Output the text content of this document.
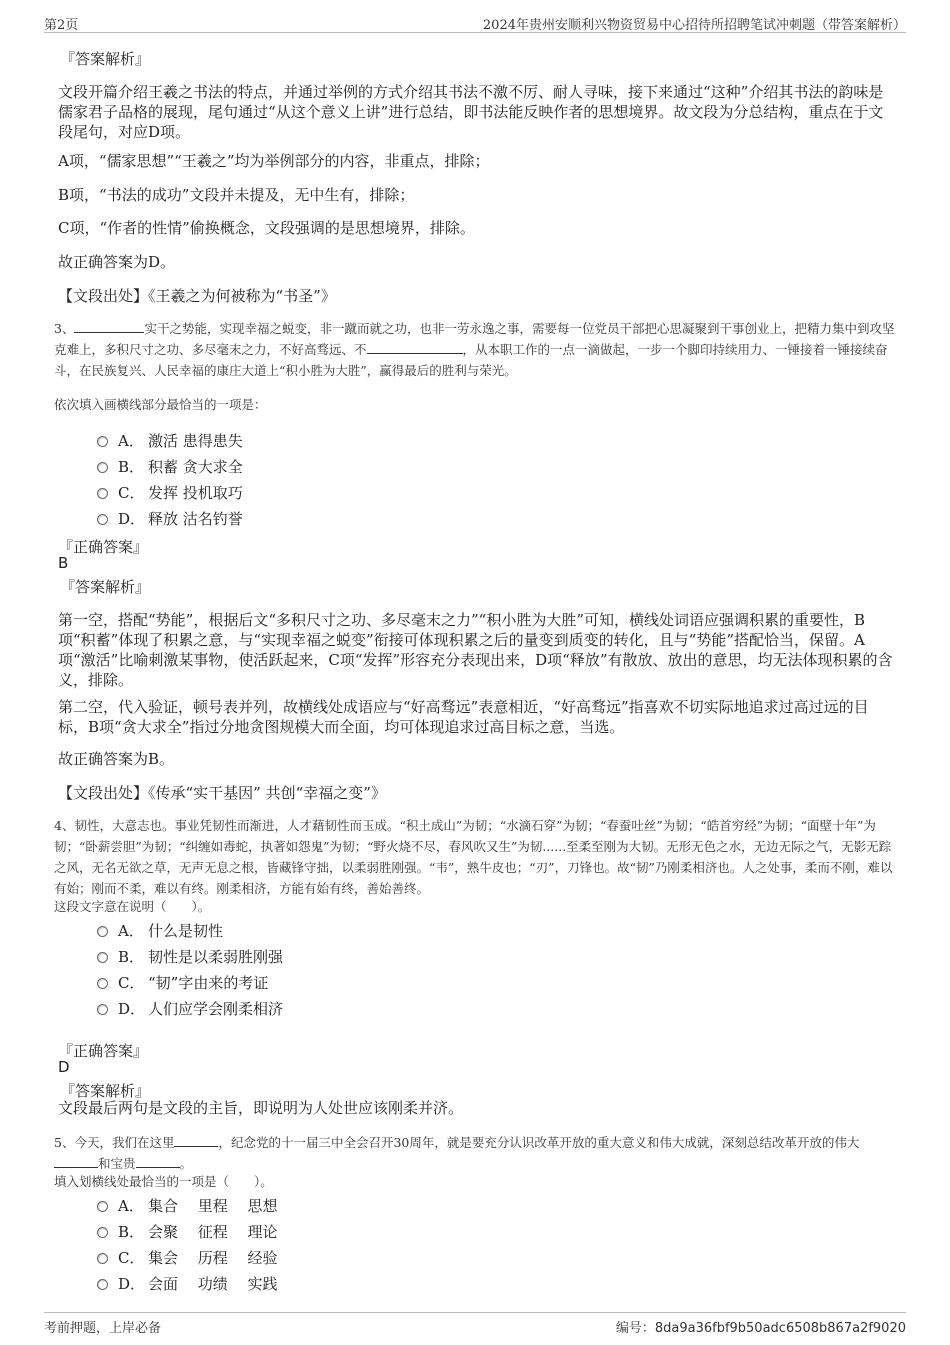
第2页	2024年贵州安顺利兴物资贸易中心招待所招聘笔试冲刺题（带答案解析）
『答案解析』

文段开篇介绍王羲之书法的特点，并通过举例的方式介绍其书法不激不厉、耐人寻味，接下来通过“这种”介绍其书法的韵味是儒家君子品格的展现，尾句通过“从这个意义上讲”进行总结，即书法能反映作者的思想境界。故文段为分总结构，重点在于文段尾句，对应D项。

A项，“儒家思想”“王羲之”均为举例部分的内容，非重点，排除；

B项，“书法的成功”文段并未提及，无中生有，排除；

C项，“作者的性情”偷换概念，文段强调的是思想境界，排除。

故正确答案为D。

【文段出处】《王羲之为何被称为“书圣”》

3、	实干之势能，实现幸福之蜕变，非一蹴而就之功，也非一劳永逸之事，需要每一位党员干部把心思凝聚到干事创业上，把精力集中到攻坚克难上，多积尺寸之功、多尽毫末之力，不好高骛远、不	，从本职工作的一点一滴做起，一步一个脚印持续用力、一锤接着一锤接续奋斗，在民族复兴、人民幸福的康庄大道上“积小胜为大胜”，赢得最后的胜利与荣光。

依次填入画横线部分最恰当的一项是：

A． 激活 患得患失
B． 积蓄 贪大求全
C． 发挥 投机取巧
D． 释放 沽名钓誉
『正确答案』
B
『答案解析』

第一空，搭配“势能”，根据后文“多积尺寸之功、多尽毫末之力”“积小胜为大胜”可知，横线处词语应强调积累的重要性，B项“积蓄”体现了积累之意，与“实现幸福之蜕变”衔接可体现积累之后的量变到质变的转化，且与“势能”搭配恰当，保留。A项“激活”比喻刺激某事物，使活跃起来，C项“发挥”形容充分表现出来，D项“释放”有散放、放出的意思，均无法体现积累的含义，排除。

第二空，代入验证，顿号表并列，故横线处成语应与“好高骛远”表意相近，“好高骛远”指喜欢不切实际地追求过高过远的目标，B项“贪大求全”指过分地贪图规模大而全面，均可体现追求过高目标之意，当选。

故正确答案为B。

【文段出处】《传承“实干基因” 共创“幸福之变”》

4、韧性，大意志也。事业凭韧性而渐进，人才藉韧性而玉成。“积土成山”为韧；“水滴石穿”为韧；“春蚕吐丝”为韧；“皓首穷经”为韧；“面壁十年”为韧；“卧薪尝胆”为韧；“纠缠如毒蛇，执著如怨鬼”为韧；“野火烧不尽，春风吹又生”为韧......至柔至刚为大韧。无形无色之水，无边无际之气，无影无踪之风，无名无欲之草，无声无息之根，皆藏锋守拙，以柔弱胜刚强。“韦”，熟牛皮也；“刃”，刀锋也。故“韧”乃刚柔相济也。人之处事，柔而不刚，难以有始；刚而不柔，难以有终。刚柔相济，方能有始有终，善始善终。

这段文字意在说明（　　）。

A． 什么是韧性
B． 韧性是以柔弱胜刚强
C． “韧”字由来的考证
D． 人们应学会刚柔相济
『正确答案』
D
『答案解析』

文段最后两句是文段的主旨，即说明为人处世应该刚柔并济。

5、今天，我们在这里	，纪念党的十一届三中全会召开30周年，就是要充分认识改革开放的重大意义和伟大成就，深刻总结改革开放的伟大和宝贵	。

填入划横线处最恰当的一项是（　　）。

A． 集合　 里程　 思想
B． 会聚　 征程　 理论
C． 集会　 历程　 经验
D． 会面　 功绩　 实践
考前押题，上岸必备	编号：8da9a36fbf9b50adc6508b867a2f9020
